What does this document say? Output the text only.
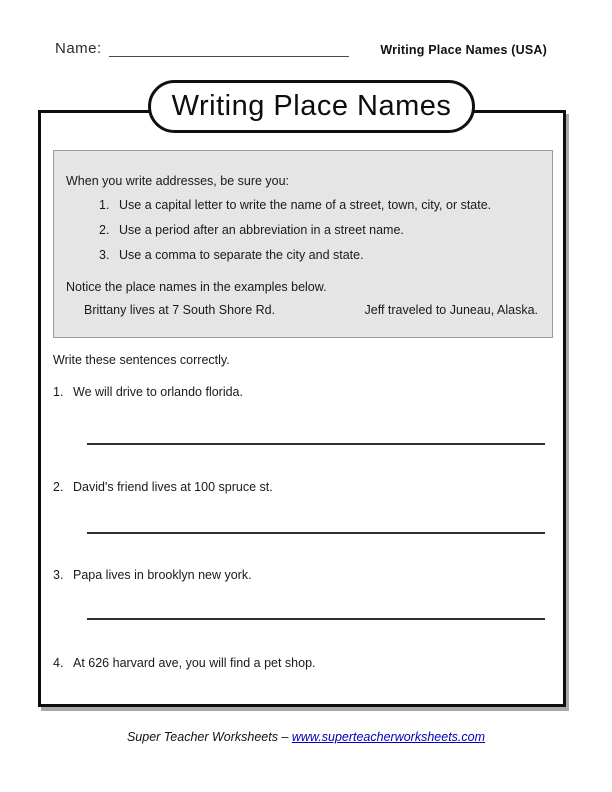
Name:	Writing Place Names (USA)
When you write addresses, be sure you:
1. Use a capital letter to write the name of a street, town, city, or state.
2. Use a period after an abbreviation in a street name.
3. Use a comma to separate the city and state.
Notice the place names in the examples below.
Brittany lives at 7 South Shore Rd.	Jeff traveled to Juneau, Alaska.
Write these sentences correctly.
1. We will drive to orlando florida.
2. David's friend lives at 100 spruce st.
3. Papa lives in brooklyn new york.
4. At 626 harvard ave, you will find a pet shop.
Writing Place Names
Super Teacher Worksheets – www.superteacherworksheets.com
